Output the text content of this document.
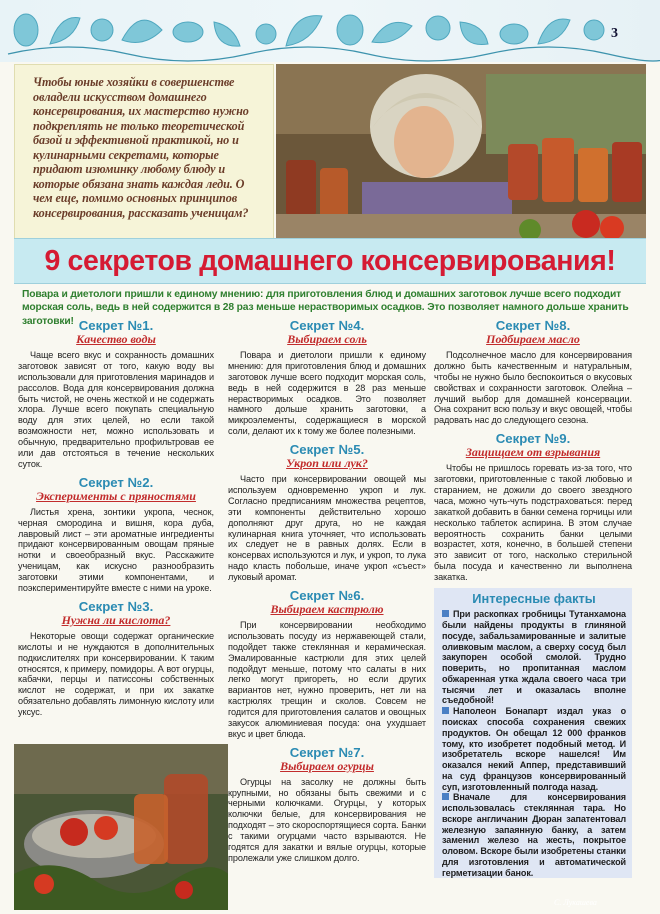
3

Чтобы юные хозяйки в совершенстве овладели искусством домашнего консервирования, их мастерство нужно подкреплять не только теоретической базой и эффективной практикой, но и кулинарными секретами, которые придают изюминку любому блюду и которые обязана знать каждая леди. О чем еще, помимо основных принципов консервирования, рассказать ученицам?

9 секретов домашнего консервирования!
Повара и диетологи пришли к единому мнению: для приготовления блюд и домашних заготовок лучше всего подходит морская соль, ведь в ней содержится в 28 раз меньше нерастворимых осадков. Это позволяет намного дольше хранить заготовки! Секрет №1.
Качество воды
Чаще всего вкус и сохранность домашних заготовок зависят от того, какую воду вы использовали для приготовления маринадов и рассолов. Вода для консервирования должна быть чистой, не очень жесткой и не содержать хлора. Лучше всего покупать специальную воду для этих целей, но если такой возможности нет, можно использовать и обычную, предварительно профильтровав ее или дав отстояться в течение нескольких суток.
Секрет №2.
Эксперименты с пряностями
Листья хрена, зонтики укропа, чеснок, черная смородина и вишня, кора дуба, лавровый лист – эти ароматные ингредиенты придают консервированным овощам пряные нотки и своеобразный вкус. Расскажите ученицам, как искусно разнообразить заготовки этими компонентами, и поэкспериментируйте вместе с ними на уроке.
Секрет №3.
Нужна ли кислота?
Некоторые овощи содержат органические кислоты и не нуждаются в дополнительных подкислителях при консервировании. К таким относятся, к примеру, помидоры. А вот огурцы, кабачки, перцы и патиссоны собственных кислот не содержат, и при их закатке обязательно добавлять лимонную кислоту или уксус.
Секрет №4.
Выбираем соль
Повара и диетологи пришли к единому мнению: для приготовления блюд и домашних заготовок лучше всего подходит морская соль, ведь в ней содержится в 28 раз меньше нерастворимых осадков. Это позволяет намного дольше хранить заготовки, а микроэлементы, содержащиеся в морской соли, делают их к тому же более полезными.
Секрет №5.
Укроп или лук?
Часто при консервировании овощей мы используем одновременно укроп и лук. Согласно предписаниям множества рецептов, эти компоненты действительно хорошо дополняют друг друга, но не каждая кулинарная книга уточняет, что использовать их следует не в равных долях. Если в консервах используются и лук, и укроп, то лука надо класть побольше, иначе укроп «съест» луковый аромат.
Секрет №6.
Выбираем кастрюлю
При консервировании необходимо использовать посуду из нержавеющей стали, подойдет также стеклянная и керамическая. Эмалированные кастрюли для этих целей подойдут меньше, потому что салаты в них легко могут пригореть, но если других вариантов нет, нужно проверить, нет ли на кастрюлях трещин и сколов. Совсем не годится для приготовления салатов и овощных закусок алюминиевая посуда: она ухудшает вкус и цвет блюда.
Секрет №7.
Выбираем огурцы
Огурцы на засолку не должны быть крупными, но обязаны быть свежими и с черными колючками. Огурцы, у которых колючки белые, для консервирования не подходят – это скороспортящиеся сорта. Банки с такими огурцами часто взрываются. Не годятся для закатки и вялые огурцы, которые пролежали уже слишком долго.
Секрет №8.
Подбираем масло
Подсолнечное масло для консервирования должно быть качественным и натуральным, чтобы не нужно было беспокоиться о вкусовых свойствах и сохранности заготовок. Олейна – лучший выбор для домашней консервации. Она сохранит всю пользу и вкус овощей, чтобы радовать нас до следующего сезона.
Секрет №9.
Защищаем от взрывания
Чтобы не пришлось горевать из-за того, что заготовки, приготовленные с такой любовью и старанием, не дожили до своего звездного часа, можно чуть-чуть подстраховаться: перед закаткой добавить в банки семена горчицы или несколько таблеток аспирина. В этом случае вероятность сохранить банки целыми возрастет, хотя, конечно, в большей степени это зависит от того, насколько стерильной была посуда и качественно ли выполнена закатка.
Интересные факты

При раскопках гробницы Тутанхамона были найдены продукты в глиняной посуде, забальзамированные и залитые оливковым маслом, а сверху сосуд был закупорен особой смолой. Трудно поверить, но пропитанная маслом обжаренная утка ждала своего часа три тысячи лет и оказалась вполне съедобной!

Наполеон Бонапарт издал указ о поисках способа сохранения свежих продуктов. Он обещал 12 000 франков тому, кто изобретет подобный метод. И изобретатель вскоре нашелся! Им оказался некий Аппер, представивший на суд французов консервированный суп, изготовленный полгода назад.

Вначале для консервирования использовалась стеклянная тара. Но вскоре англичанин Дюран запатентовал железную запаянную банку, а затем заменил железо на жесть, покрытое оловом. Вскоре были изобретены станки для изготовления и автоматической герметизации банок.

С. Лукашева
